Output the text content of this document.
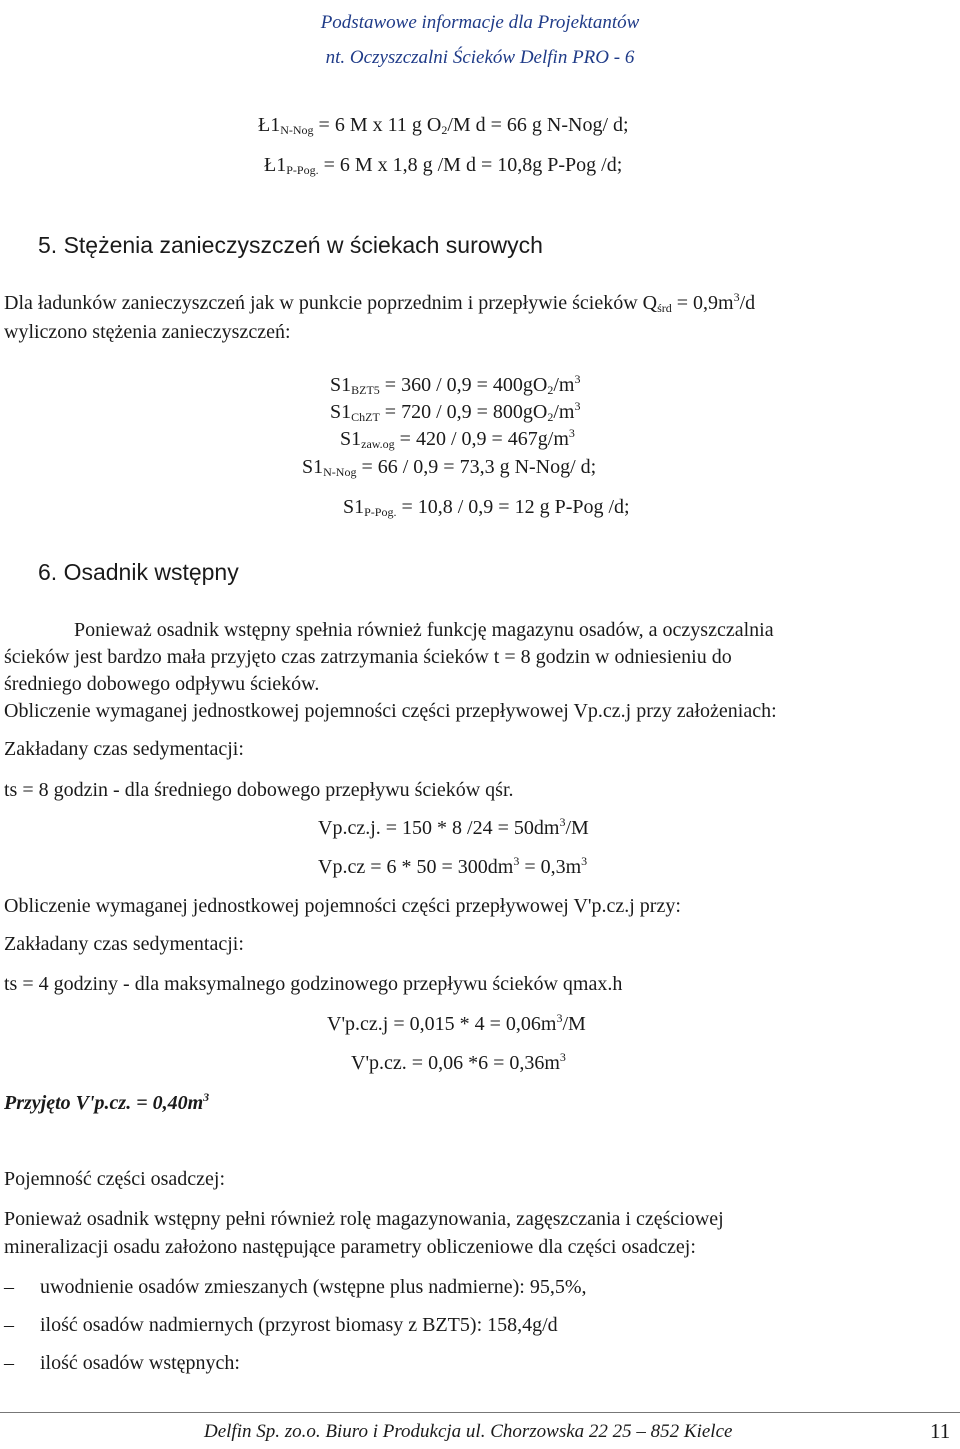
Podstawowe informacje dla Projektantów
nt. Oczyszczalni Ścieków Delfin PRO - 6
$Ł1_{N-Nog} = 6$ M x 11 g $O_2/M$ d = 66 g N-Nog/ d;
$Ł1_{P-Pog.} = 6$ M x 1,8 g /M d = 10,8g P-Pog /d;
5. Stężenia zanieczyszczeń w ściekach surowych
Dla ładunków zanieczyszczeń jak w punkcie poprzednim i przepływie ścieków $Q_{śrd} = 0,9m^3/d$
wyliczono stężenia zanieczyszczeń:
$S1_{BZT5} = 360 / 0,9 = 400gO_2/m^3$
$S1_{ChZT} = 720 / 0,9 = 800gO_2/m^3$
$S1_{zaw.og} = 420 / 0,9 = 467g/m^3$
$S1_{N-Nog} = 66 / 0,9 = 73,3$ g N-Nog/ d;
$S1_{P-Pog.} = 10,8 / 0,9 = 12$ g P-Pog /d;
6. Osadnik wstępny
Ponieważ osadnik wstępny spełnia również funkcję magazynu osadów, a oczyszczalnia
ścieków jest bardzo mała przyjęto czas zatrzymania ścieków t = 8 godzin w odniesieniu do
średniego dobowego odpływu ścieków.
Obliczenie wymaganej jednostkowej pojemności części przepływowej Vp.cz.j przy założeniach:
Zakładany czas sedymentacji:
ts = 8 godzin - dla średniego dobowego przepływu ścieków qśr.
Vp.cz.j. = 150 * 8 $/24 = 50dm^3/M$
$Vp.cz = 6 * 50 = 300dm^3 = 0,3m^3$
Obliczenie wymaganej jednostkowej pojemności części przepływowej V'p.cz.j przy:
Zakładany czas sedymentacji:
ts = 4 godziny - dla maksymalnego godzinowego przepływu ścieków qmax.h
$V'p.cz.j = 0,015 * 4 = 0,06m^3/M$
V'p.cz. = 0,06 $*6 = 0,36m^3$
Przyjęto V'p.cz. = $0,40m^3$
Pojemność części osadczej:
Ponieważ osadnik wstępny pełni również rolę magazynowania, zagęszczania i częściowej
mineralizacji osadu założono następujące parametry obliczeniowe dla części osadczej:
– uwodnienie osadów zmieszanych (wstępne plus nadmierne): 95,5%,
– ilość osadów nadmiernych (przyrost biomasy z BZT5): 158,4g/d
– ilość osadów wstępnych:
Delfin Sp. zo.o. Biuro i Produkcja ul. Chorzowska 22 25 – 852 Kielce	11
